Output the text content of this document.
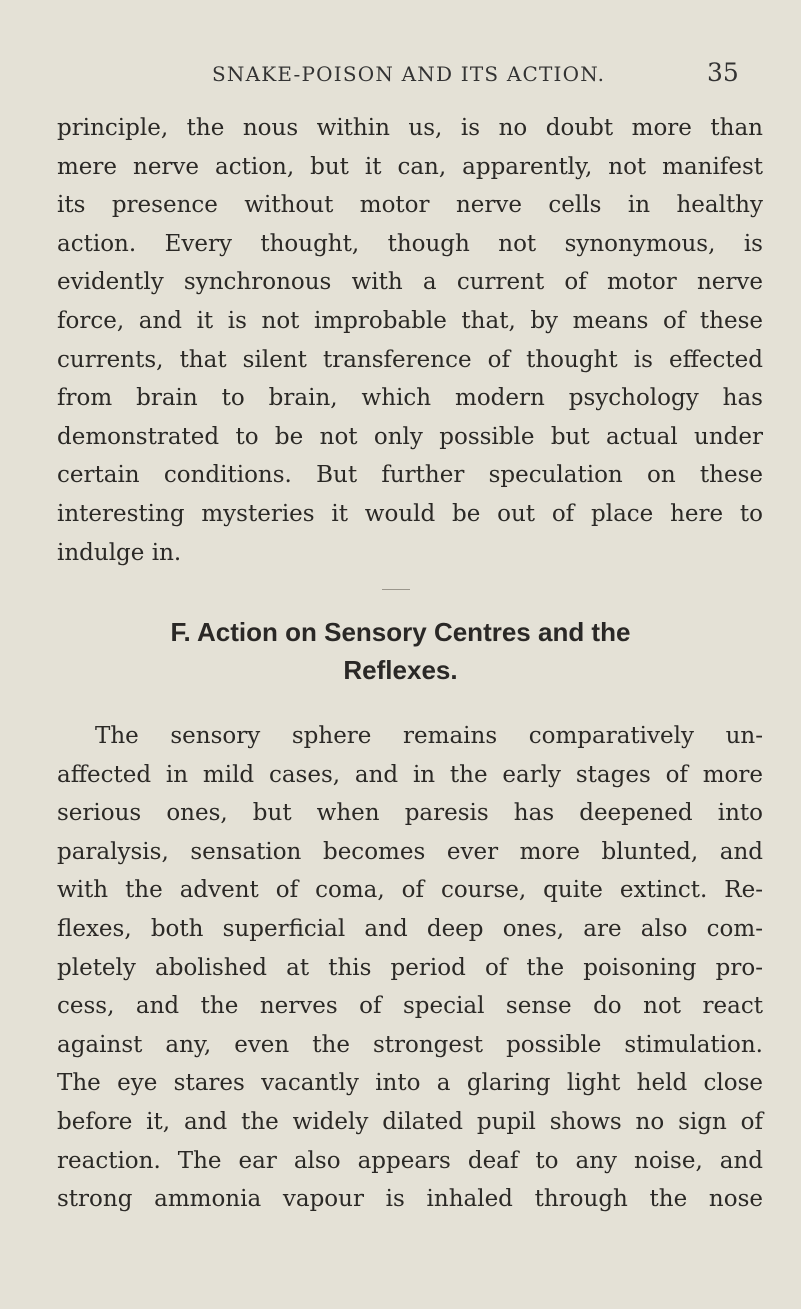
SNAKE-POISON AND ITS ACTION.	35
principle, the nous within us, is no doubt more than
mere nerve action, but it can, apparently, not manifest
its presence without motor nerve cells in healthy
action. Every thought, though not synonymous, is
evidently synchronous with a current of motor nerve
force, and it is not improbable that, by means of these
currents, that silent transference of thought is effected
from brain to brain, which modern psychology has
demonstrated to be not only possible but actual under
certain conditions. But further speculation on these
interesting mysteries it would be out of place here to
indulge in.
F. Action on Sensory Centres and the
Reflexes.
The sensory sphere remains comparatively un-
affected in mild cases, and in the early stages of more
serious ones, but when paresis has deepened into
paralysis, sensation becomes ever more blunted, and
with the advent of coma, of course, quite extinct. Re-
flexes, both superficial and deep ones, are also com-
pletely abolished at this period of the poisoning pro-
cess, and the nerves of special sense do not react
against any, even the strongest possible stimulation.
The eye stares vacantly into a glaring light held close
before it, and the widely dilated pupil shows no sign of
reaction. The ear also appears deaf to any noise, and
strong ammonia vapour is inhaled through the nose
